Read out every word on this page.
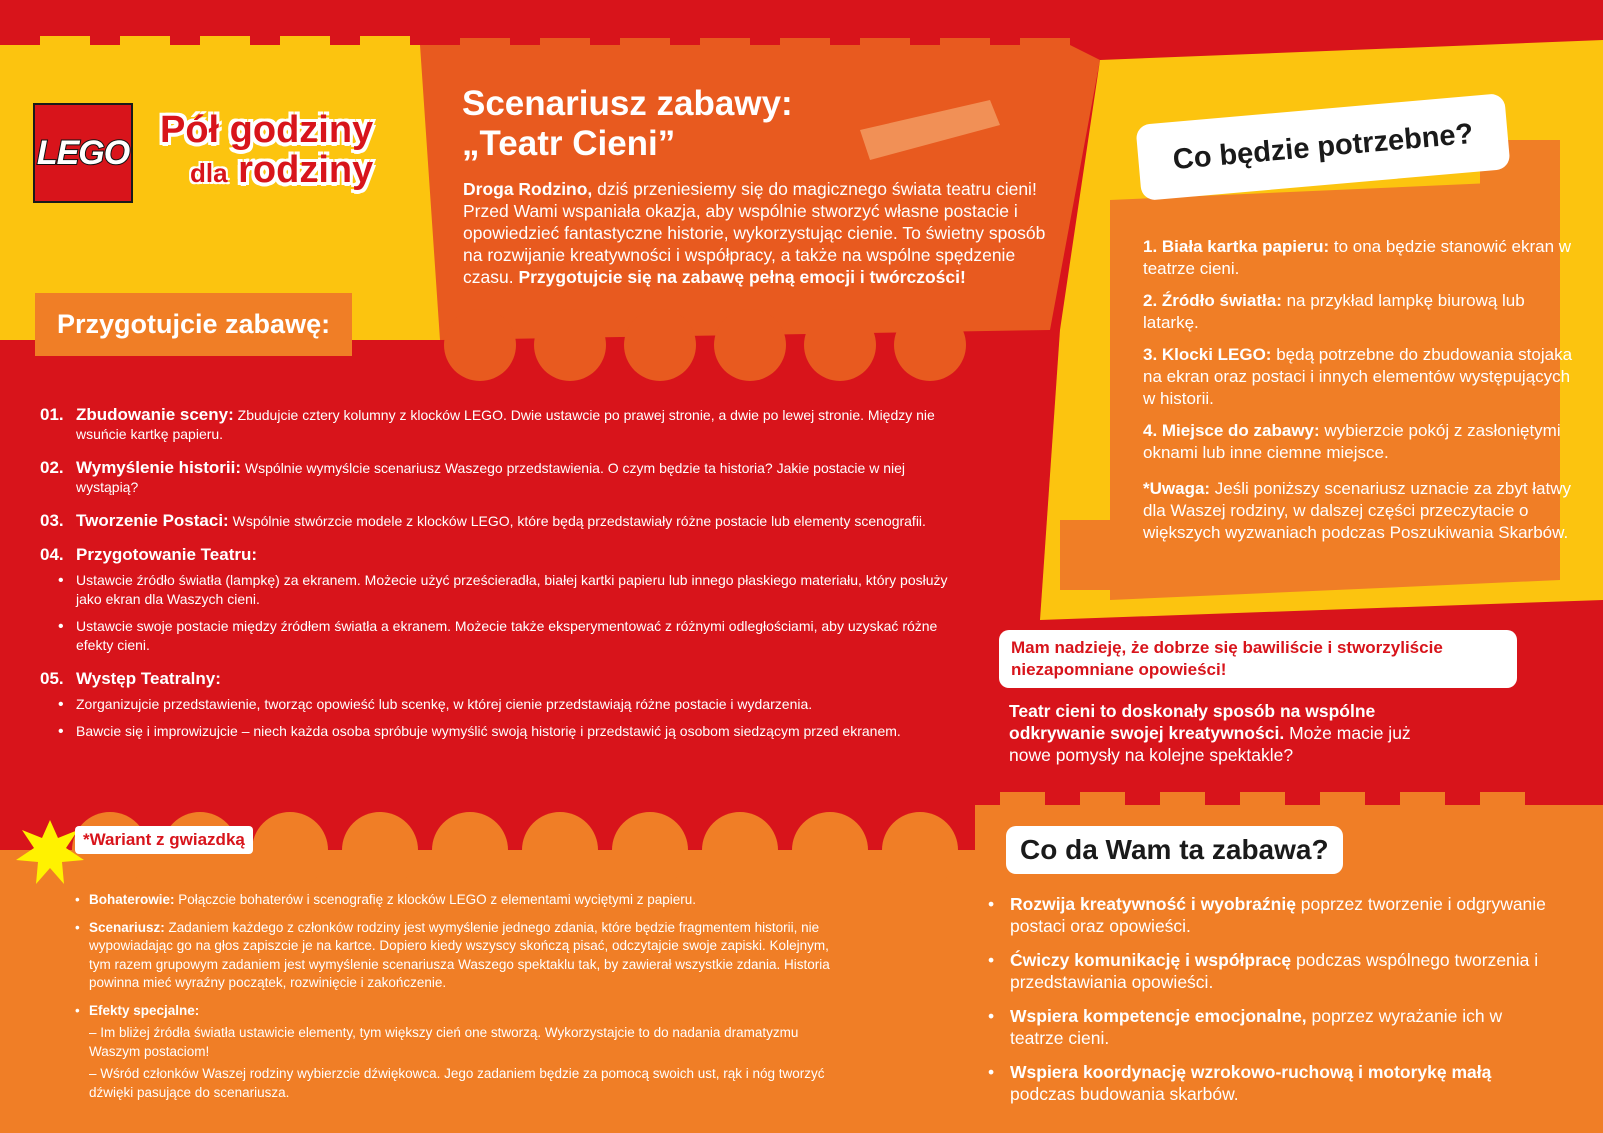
LEGO
Pół godziny
dla rodziny
Scenariusz zabawy:
„Teatr Cieni”
Droga Rodzino, dziś przeniesiemy się do magicznego świata teatru cieni! Przed Wami wspaniała okazja, aby wspólnie stworzyć własne postacie i opowiedzieć fantastyczne historie, wykorzystując cienie. To świetny sposób na rozwijanie kreatywności i współpracy, a także na wspólne spędzenie czasu. Przygotujcie się na zabawę pełną emocji i twórczości!
Przygotujcie zabawę:
01. Zbudowanie sceny: Zbudujcie cztery kolumny z klocków LEGO. Dwie ustawcie po prawej stronie, a dwie po lewej stronie. Między nie wsuńcie kartkę papieru.
02. Wymyślenie historii: Wspólnie wymyślcie scenariusz Waszego przedstawienia. O czym będzie ta historia? Jakie postacie w niej wystąpią?
03. Tworzenie Postaci: Wspólnie stwórzcie modele z klocków LEGO, które będą przedstawiały różne postacie lub elementy scenografii.
04. Przygotowanie Teatru:
• Ustawcie źródło światła (lampkę) za ekranem. Możecie użyć prześcieradła, białej kartki papieru lub innego płaskiego materiału, który posłuży jako ekran dla Waszych cieni.
• Ustawcie swoje postacie między źródłem światła a ekranem. Możecie także eksperymentować z różnymi odległościami, aby uzyskać różne efekty cieni.
05. Występ Teatralny:
• Zorganizujcie przedstawienie, tworząc opowieść lub scenkę, w której cienie przedstawiają różne postacie i wydarzenia.
• Bawcie się i improwizujcie – niech każda osoba spróbuje wymyślić swoją historię i przedstawić ją osobom siedzącym przed ekranem.
*Wariant z gwiazdką
• Bohaterowie: Połączcie bohaterów i scenografię z klocków LEGO z elementami wyciętymi z papieru.
• Scenariusz: Zadaniem każdego z członków rodziny jest wymyślenie jednego zdania, które będzie fragmentem historii, nie wypowiadając go na głos zapiszcie je na kartce. Dopiero kiedy wszyscy skończą pisać, odczytajcie swoje zapiski. Kolejnym, tym razem grupowym zadaniem jest wymyślenie scenariusza Waszego spektaklu tak, by zawierał wszystkie zdania. Historia powinna mieć wyraźny początek, rozwinięcie i zakończenie.
• Efekty specjalne:
– Im bliżej źródła światła ustawicie elementy, tym większy cień one stworzą. Wykorzystajcie to do nadania dramatyzmu Waszym postaciom!
– Wśród członków Waszej rodziny wybierzcie dźwiękowca. Jego zadaniem będzie za pomocą swoich ust, rąk i nóg tworzyć dźwięki pasujące do scenariusza.
Co będzie potrzebne?

1. Biała kartka papieru: to ona będzie stanowić ekran w teatrze cieni.

2. Źródło światła: na przykład lampkę biurową lub latarkę.

3. Klocki LEGO: będą potrzebne do zbudowania stojaka na ekran oraz postaci i innych elementów występujących w historii.

4. Miejsce do zabawy: wybierzcie pokój z zasłoniętymi oknami lub inne ciemne miejsce.

*Uwaga: Jeśli poniższy scenariusz uznacie za zbyt łatwy dla Waszej rodziny, w dalszej części przeczytacie o większych wyzwaniach podczas Poszukiwania Skarbów.

Mam nadzieję, że dobrze się bawiliście i stworzyliście niezapomniane opowieści!
Teatr cieni to doskonały sposób na wspólne odkrywanie swojej kreatywności. Może macie już nowe pomysły na kolejne spektakle?
Co da Wam ta zabawa?
• Rozwija kreatywność i wyobraźnię poprzez tworzenie i odgrywanie postaci oraz opowieści.
• Ćwiczy komunikację i współpracę podczas wspólnego tworzenia i przedstawiania opowieści.
• Wspiera kompetencje emocjonalne, poprzez wyrażanie ich w teatrze cieni.
• Wspiera koordynację wzrokowo-ruchową i motorykę małą podczas budowania skarbów.
